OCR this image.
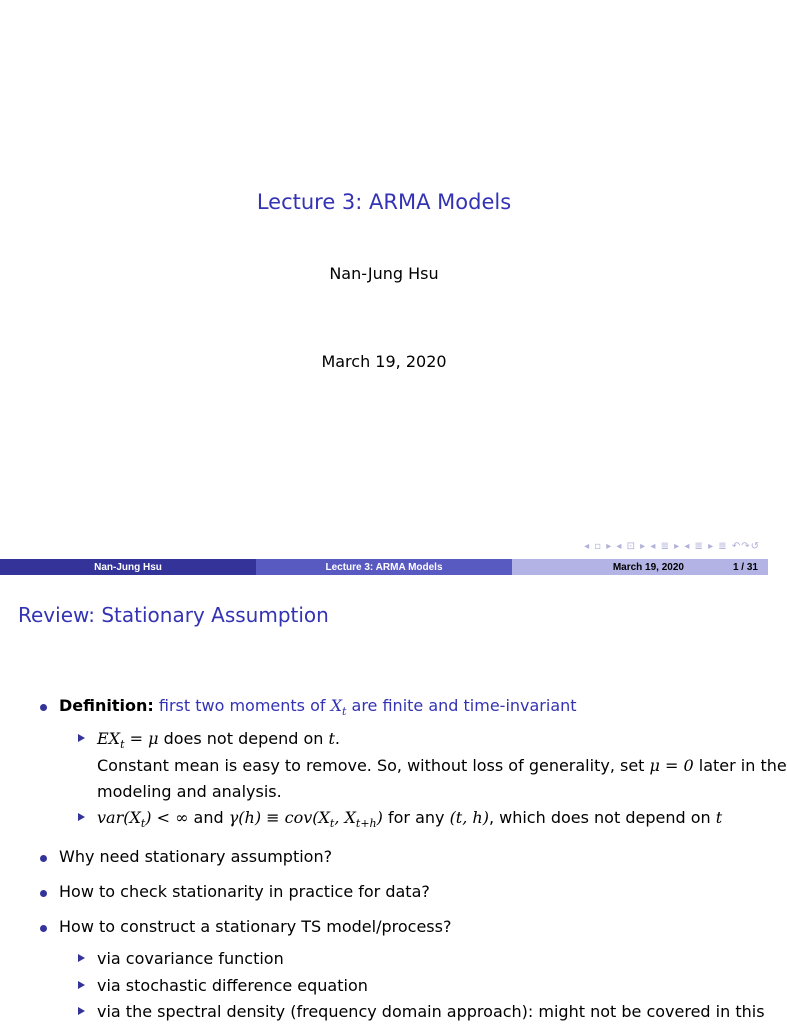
Lecture 3: ARMA Models
Nan-Jung Hsu
March 19, 2020
◂ ▫ ▸ ◂ ⊡ ▸ ◂ ≣ ▸ ◂ ≣ ▸ ≣ ↶↷↺
Nan-Jung Hsu	Lecture 3: ARMA Models	March 19, 2020	1 / 31
Review: Stationary Assumption
Definition: first two moments of $X_t$ are finite and time-invariant
$EX_t = \mu$ does not depend on t.
Constant mean is easy to remove. So, without loss of generality, set μ = 0 later in the
modeling and analysis.
$var(X_t)$ < ∞ and $\gamma(h) \equiv cov(X_t$, $X_{t+h}$) for any (t, h), which does not depend on t
Why need stationary assumption?
How to check stationarity in practice for data?
How to construct a stationary TS model/process?
via covariance function
via stochastic difference equation
via the spectral density (frequency domain approach): might not be covered in this
